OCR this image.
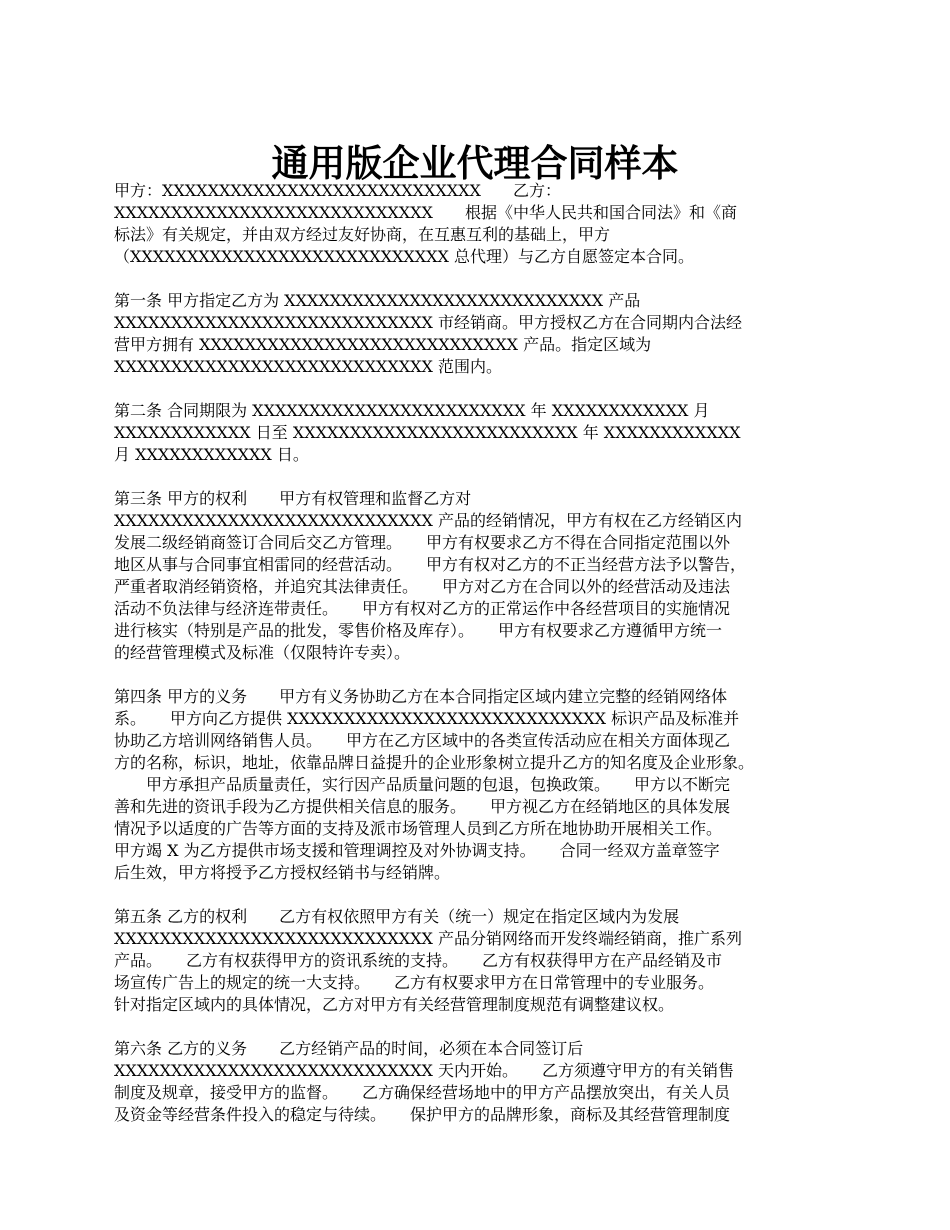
通用版企业代理合同样本
甲方：XXXXXXXXXXXXXXXXXXXXXXXXXXXX　　乙方：
XXXXXXXXXXXXXXXXXXXXXXXXXXXX　　根据《中华人民共和国合同法》和《商
标法》有关规定，并由双方经过友好协商，在互惠互利的基础上，甲方
（XXXXXXXXXXXXXXXXXXXXXXXXXXXX 总代理）与乙方自愿签定本合同。
第一条 甲方指定乙方为 XXXXXXXXXXXXXXXXXXXXXXXXXXXX 产品
XXXXXXXXXXXXXXXXXXXXXXXXXXXX 市经销商。甲方授权乙方在合同期内合法经
营甲方拥有 XXXXXXXXXXXXXXXXXXXXXXXXXXXX 产品。指定区域为
XXXXXXXXXXXXXXXXXXXXXXXXXXXX 范围内。
第二条 合同期限为 XXXXXXXXXXXXXXXXXXXXXXXX 年 XXXXXXXXXXXX 月
XXXXXXXXXXXX 日至 XXXXXXXXXXXXXXXXXXXXXXXXX 年 XXXXXXXXXXXX
月 XXXXXXXXXXXX 日。
第三条 甲方的权利　　甲方有权管理和监督乙方对
XXXXXXXXXXXXXXXXXXXXXXXXXXXX 产品的经销情况，甲方有权在乙方经销区内
发展二级经销商签订合同后交乙方管理。　　甲方有权要求乙方不得在合同指定范围以外
地区从事与合同事宜相雷同的经营活动。　　甲方有权对乙方的不正当经营方法予以警告，
严重者取消经销资格，并追究其法律责任。　　甲方对乙方在合同以外的经营活动及违法
活动不负法律与经济连带责任。　　甲方有权对乙方的正常运作中各经营项目的实施情况
进行核实（特别是产品的批发，零售价格及库存）。　　甲方有权要求乙方遵循甲方统一
的经营管理模式及标准（仅限特许专卖）。
第四条 甲方的义务　　甲方有义务协助乙方在本合同指定区域内建立完整的经销网络体
系。　　甲方向乙方提供 XXXXXXXXXXXXXXXXXXXXXXXXXXXX 标识产品及标准并
协助乙方培训网络销售人员。　　甲方在乙方区域中的各类宣传活动应在相关方面体现乙
方的名称，标识，地址，依靠品牌日益提升的企业形象树立提升乙方的知名度及企业形象。
　　甲方承担产品质量责任，实行因产品质量问题的包退，包换政策。　　甲方以不断完
善和先进的资讯手段为乙方提供相关信息的服务。　　甲方视乙方在经销地区的具体发展
情况予以适度的广告等方面的支持及派市场管理人员到乙方所在地协助开展相关工作。
甲方竭 X 为乙方提供市场支援和管理调控及对外协调支持。　　合同一经双方盖章签字
后生效，甲方将授予乙方授权经销书与经销牌。
第五条 乙方的权利　　乙方有权依照甲方有关（统一）规定在指定区域内为发展
XXXXXXXXXXXXXXXXXXXXXXXXXXXX 产品分销网络而开发终端经销商，推广系列
产品。　　乙方有权获得甲方的资讯系统的支持。　　乙方有权获得甲方在产品经销及市
场宣传广告上的规定的统一大支持。　　乙方有权要求甲方在日常管理中的专业服务。
针对指定区域内的具体情况，乙方对甲方有关经营管理制度规范有调整建议权。
第六条 乙方的义务　　乙方经销产品的时间，必须在本合同签订后
XXXXXXXXXXXXXXXXXXXXXXXXXXXX 天内开始。　　乙方须遵守甲方的有关销售
制度及规章，接受甲方的监督。　　乙方确保经营场地中的甲方产品摆放突出，有关人员
及资金等经营条件投入的稳定与待续。　　保护甲方的品牌形象，商标及其经营管理制度
